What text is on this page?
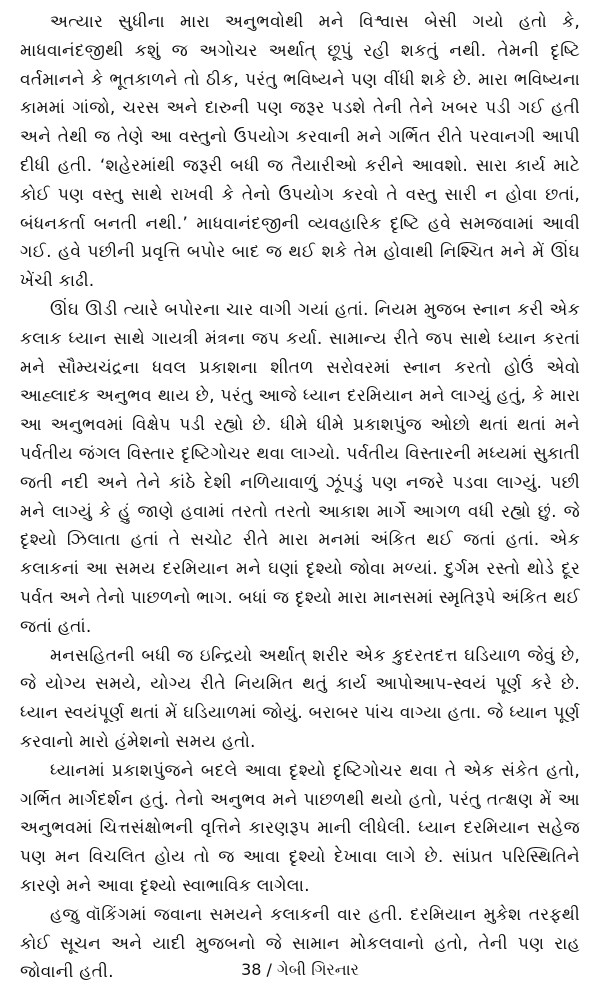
અત્યાર સુધીના મારા અનુભવોથી મને વિશ્વાસ બેસી ગયો હતો કે, માધવાનંદજીથી કશું જ અગોચર અર્થાત્ છૂપું રહી શકતું નથી. તેમની દૃષ્ટિ વર્તમાનને કે ભૂતકાળને તો ઠીક, પરંતુ ભવિષ્યને પણ વીંધી શકે છે. મારા ભવિષ્યના કામમાં ગાંજો, ચરસ અને દારુની પણ જરૂર પડશે તેની તેને ખબર પડી ગઈ હતી અને તેથી જ તેણે આ વસ્તુનો ઉપયોગ કરવાની મને ગર્ભિત રીતે પરવાનગી આપી દીધી હતી. ‘શહેરમાંથી જરૂરી બધી જ તૈયારીઓ કરીને આવશો. સારા કાર્ય માટે કોઈ પણ વસ્તુ સાથે રાખવી કે તેનો ઉપયોગ કરવો તે વસ્તુ સારી ન હોવા છતાં, બંધનકર્તા બનતી નથી.’ માધવાનંદજીની વ્યવહારિક દૃષ્ટિ હવે સમજવામાં આવી ગઈ. હવે પછીની પ્રવૃત્તિ બપોર બાદ જ થઈ શકે તેમ હોવાથી નિશ્ચિત મને મેં ઊંઘ ખેંચી કાઢી.

ઊંઘ ઊડી ત્યારે બપોરના ચાર વાગી ગયાં હતાં. નિયમ મુજબ સ્નાન કરી એક કલાક ધ્યાન સાથે ગાયત્રી મંત્રના જપ કર્યા. સામાન્ય રીતે જપ સાથે ધ્યાન કરતાં મને સૌમ્યચંદ્રના ધવલ પ્રકાશના શીતળ સરોવરમાં સ્નાન કરતો હોઉં એવો આહ્લાદક અનુભવ થાય છે, પરંતુ આજે ધ્યાન દરમિયાન મને લાગ્યું હતું, કે મારા આ અનુભવમાં વિક્ષેપ પડી રહ્યો છે. ધીમે ધીમે પ્રકાશપુંજ ઓછો થતાં થતાં મને પર્વતીય જંગલ વિસ્તાર દૃષ્ટિગોચર થવા લાગ્યો. પર્વતીય વિસ્તારની મધ્યમાં સુકાતી જતી નદી અને તેને કાંઠે દેશી નળિયાવાળું ઝૂંપડું પણ નજરે પડવા લાગ્યું. પછી મને લાગ્યું કે હું જાણે હવામાં તરતો તરતો આકાશ માર્ગે આગળ વધી રહ્યો છું. જે દૃશ્યો ઝિલાતા હતાં તે સચોટ રીતે મારા મનમાં અંકિત થઈ જતાં હતાં. એક કલાકનાં આ સમય દરમિયાન મને ઘણાં દૃશ્યો જોવા મળ્યાં. દુર્ગમ રસ્તો થોડે દૂર પર્વત અને તેનો પાછળનો ભાગ. બધાં જ દૃશ્યો મારા માનસમાં સ્મૃતિરૂપે અંકિત થઈ જતાં હતાં.

મનસહિતની બધી જ ઇન્દ્રિયો અર્થાત્ શરીર એક કુદરતદત્ત ઘડિયાળ જેવું છે, જે યોગ્ય સમયે, યોગ્ય રીતે નિયમિત થતું કાર્ય આપોઆપ-સ્વયં પૂર્ણ કરે છે. ધ્યાન સ્વયંપૂર્ણ થતાં મેં ઘડિયાળમાં જોયું. બરાબર પાંચ વાગ્યા હતા. જે ધ્યાન પૂર્ણ કરવાનો મારો હંમેશનો સમય હતો.

ધ્યાનમાં પ્રકાશપુંજને બદલે આવા દૃશ્યો દૃષ્ટિગોચર થવા તે એક સંકેત હતો, ગર્ભિત માર્ગદર્શન હતું. તેનો અનુભવ મને પાછળથી થયો હતો, પરંતુ તત્ક્ષણ મેં આ અનુભવમાં ચિત્તસંક્ષોભની વૃત્તિને કારણરૂપ માની લીધેલી. ધ્યાન દરમિયાન સહેજ પણ મન વિચલિત હોય તો જ આવા દૃશ્યો દેખાવા લાગે છે. સાંપ્રત પરિસ્થિતિને કારણે મને આવા દૃશ્યો સ્વાભાવિક લાગેલા.

હજુ વૉકિંગમાં જવાના સમયને કલાકની વાર હતી. દરમિયાન મુકેશ તરફથી કોઈ સૂચન અને યાદી મુજબનો જે સામાન મોકલવાનો હતો, તેની પણ રાહ જોવાની હતી.	38 / ગેબી ગિરનાર
